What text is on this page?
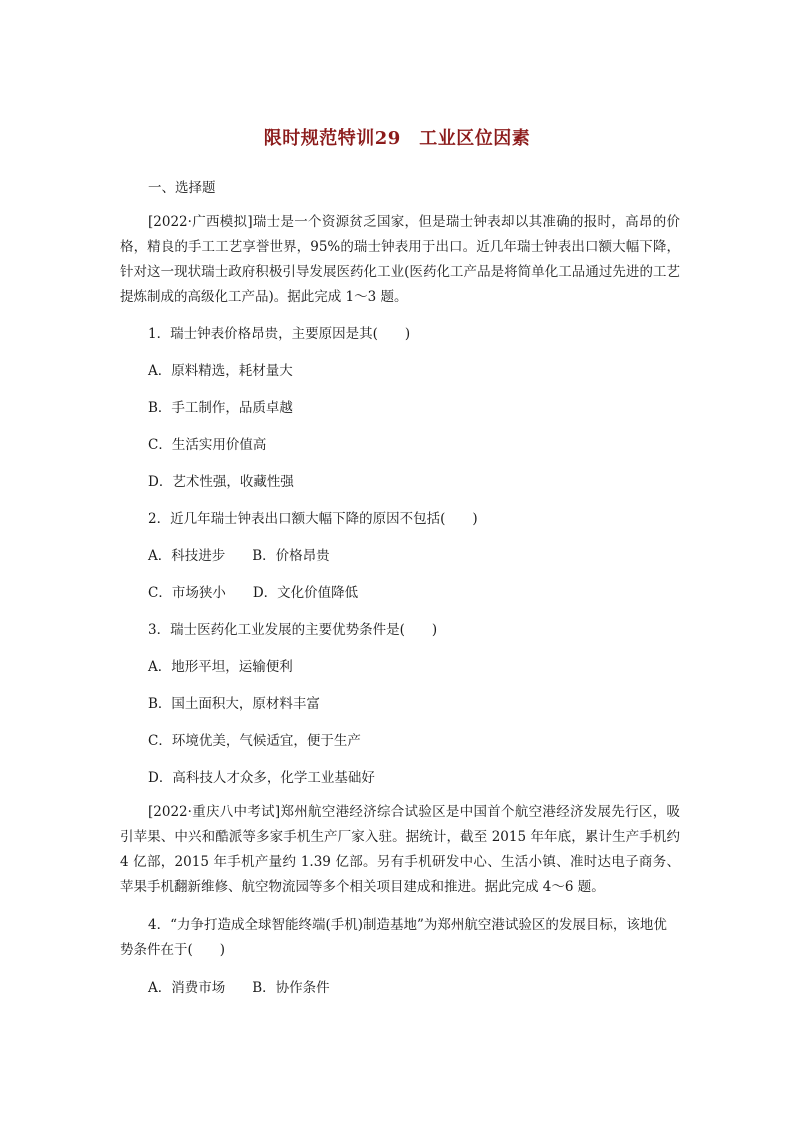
限时规范特训29　工业区位因素
一、选择题
[2022·广西模拟]瑞士是一个资源贫乏国家，但是瑞士钟表却以其准确的报时，高昂的价格，精良的手工工艺享誉世界，95%的瑞士钟表用于出口。近几年瑞士钟表出口额大幅下降，针对这一现状瑞士政府积极引导发展医药化工业(医药化工产品是将简单化工品通过先进的工艺提炼制成的高级化工产品)。据此完成 1～3 题。
1．瑞士钟表价格昂贵，主要原因是其(　　)
A．原料精选，耗材量大
B．手工制作，品质卓越
C．生活实用价值高
D．艺术性强，收藏性强
2．近几年瑞士钟表出口额大幅下降的原因不包括(　　)
A．科技进步　　B．价格昂贵
C．市场狭小　　D．文化价值降低
3．瑞士医药化工业发展的主要优势条件是(　　)
A．地形平坦，运输便利
B．国土面积大，原材料丰富
C．环境优美，气候适宜，便于生产
D．高科技人才众多，化学工业基础好
[2022·重庆八中考试]郑州航空港经济综合试验区是中国首个航空港经济发展先行区，吸引苹果、中兴和酷派等多家手机生产厂家入驻。据统计，截至 2015 年年底，累计生产手机约 4 亿部，2015 年手机产量约 1.39 亿部。另有手机研发中心、生活小镇、准时达电子商务、苹果手机翻新维修、航空物流园等多个相关项目建成和推进。据此完成 4～6 题。
4．“力争打造成全球智能终端(手机)制造基地”为郑州航空港试验区的发展目标，该地优势条件在于(　　)
A．消费市场　　B．协作条件
